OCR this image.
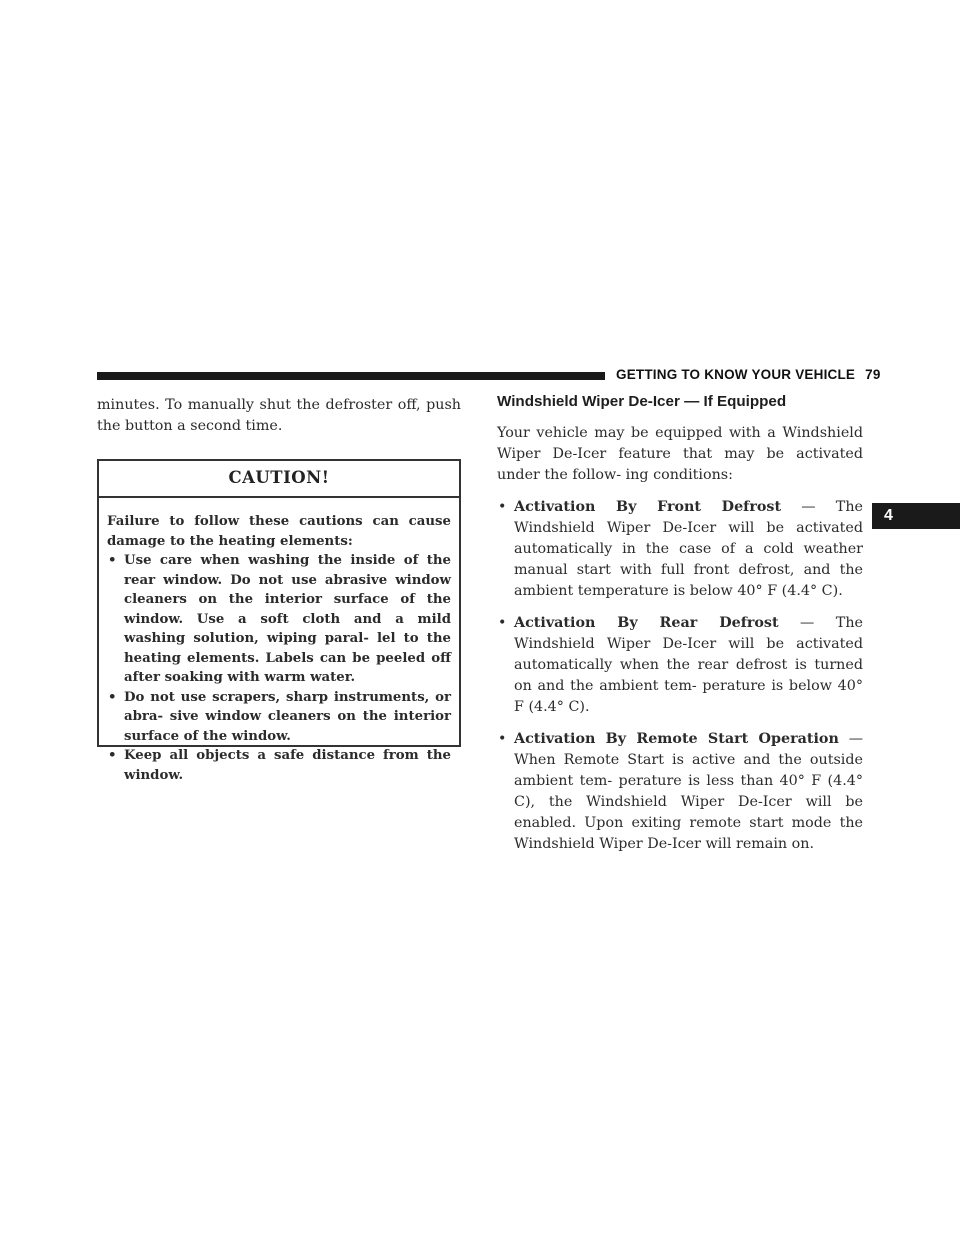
GETTING TO KNOW YOUR VEHICLE 79
4

minutes. To manually shut the defroster off, push the button a second time.

CAUTION!
Failure to follow these cautions can cause damage to the heating elements:
• Use care when washing the inside of the rear window. Do not use abrasive window cleaners on the interior surface of the window. Use a soft cloth and a mild washing solution, wiping paral- lel to the heating elements. Labels can be peeled off after soaking with warm water.
• Do not use scrapers, sharp instruments, or abra- sive window cleaners on the interior surface of the window.
• Keep all objects a safe distance from the window.
Windshield Wiper De-Icer — If Equipped

Your vehicle may be equipped with a Windshield Wiper De-Icer feature that may be activated under the follow- ing conditions:

• Activation By Front Defrost — The Windshield Wiper De-Icer will be activated automatically in the case of a cold weather manual start with full front defrost, and the ambient temperature is below 40° F (4.4° C).
• Activation By Rear Defrost — The Windshield Wiper De-Icer will be activated automatically when the rear defrost is turned on and the ambient tem- perature is below 40° F (4.4° C).
• Activation By Remote Start Operation — When Remote Start is active and the outside ambient tem- perature is less than 40° F (4.4° C), the Windshield Wiper De-Icer will be enabled. Upon exiting remote start mode the Windshield Wiper De-Icer will remain on.
